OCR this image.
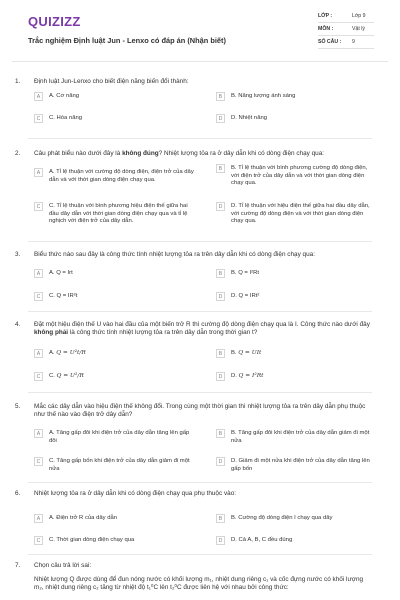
QUIZIZZ
Trắc nghiệm Định luật Jun - Lenxo có đáp án (Nhận biết)
LỚP :	Lớp 9
MÔN :	Vật lý
SỐ CÂU : 9
1. Định luật Jun-Lenxo cho biết điện năng biến đổi thành:
A	A. Cơ năng	B	B. Năng lượng ánh sáng
C	C. Hóa năng	D	D. Nhiệt năng
2. Câu phát biểu nào dưới đây là không đúng? Nhiệt lượng tỏa ra ở dây dẫn khi có dòng điện chạy qua:
A	A. Tỉ lệ thuận với cường độ dòng điện, điện trở của dây dẫn và với thời gian dòng điện chạy qua.
B	B. Tỉ lệ thuận với bình phương cường độ dòng điện, với điện trở của dây dẫn và với thời gian dòng điện chạy qua.
C	C. Tỉ lệ thuận với bình phương hiệu điện thế giữa hai đầu dây dẫn với thời gian dòng điện chạy qua và tỉ lệ nghịch với điện trở của dây dẫn.
D	D. Tỉ lệ thuận với hiệu điện thế giữa hai đầu dây dẫn, với cường độ dòng điện và với thời gian dòng điện chạy qua.
3. Biểu thức nào sau đây là công thức tính nhiệt lượng tỏa ra trên dây dẫn khi có dòng điện chạy qua:
A	A. Q = Irt	B	B. Q = I²Rt
C	C. Q = IR²t	D	D. Q = IRt²
4. Đặt một hiệu điện thế U vào hai đầu của một biến trở R thì cường độ dòng điện chạy qua là I. Công thức nào dưới đây không phải là công thức tính nhiệt lượng tỏa ra trên dây dẫn trong thời gian t?
A	A. Q = U²t/R	B	B. Q = UIt
C	C. Q = U²/R	D	D. Q = I²Rt
5. Mắc các dây dẫn vào hiệu điện thế không đổi. Trong cùng một thời gian thì nhiệt lượng tỏa ra trên dây dẫn phụ thuộc như thế nào vào điện trở dây dẫn?
A	A. Tăng gấp đôi khi điện trở của dây dẫn tăng lên gấp đôi
B	B. Tăng gấp đôi khi điện trở của dây dẫn giảm đi một nửa
C	C. Tăng gấp bốn khi điện trở của dây dẫn giảm đi một nửa
D	D. Giảm đi một nửa khi điện trở của dây dẫn tăng lên gấp bốn
6. Nhiệt lượng tỏa ra ở dây dẫn khi có dòng điện chạy qua phụ thuộc vào:
A	A. Điện trở R của dây dẫn	B	B. Cường độ dòng điện I chạy qua dây
C	C. Thời gian dòng điện chạy qua	D	D. Cả A, B, C đều đúng
7. Chọn câu trả lời sai:
Nhiệt lượng Q được dùng để đun nóng nước có khối lượng m₁, nhiệt dung riêng c₁ và cốc đựng nước có khối lượng m₂, nhiệt dung riêng c₂ tăng từ nhiệt độ t₁⁰C lên t₂⁰C được liên hệ với nhau bởi công thức:
